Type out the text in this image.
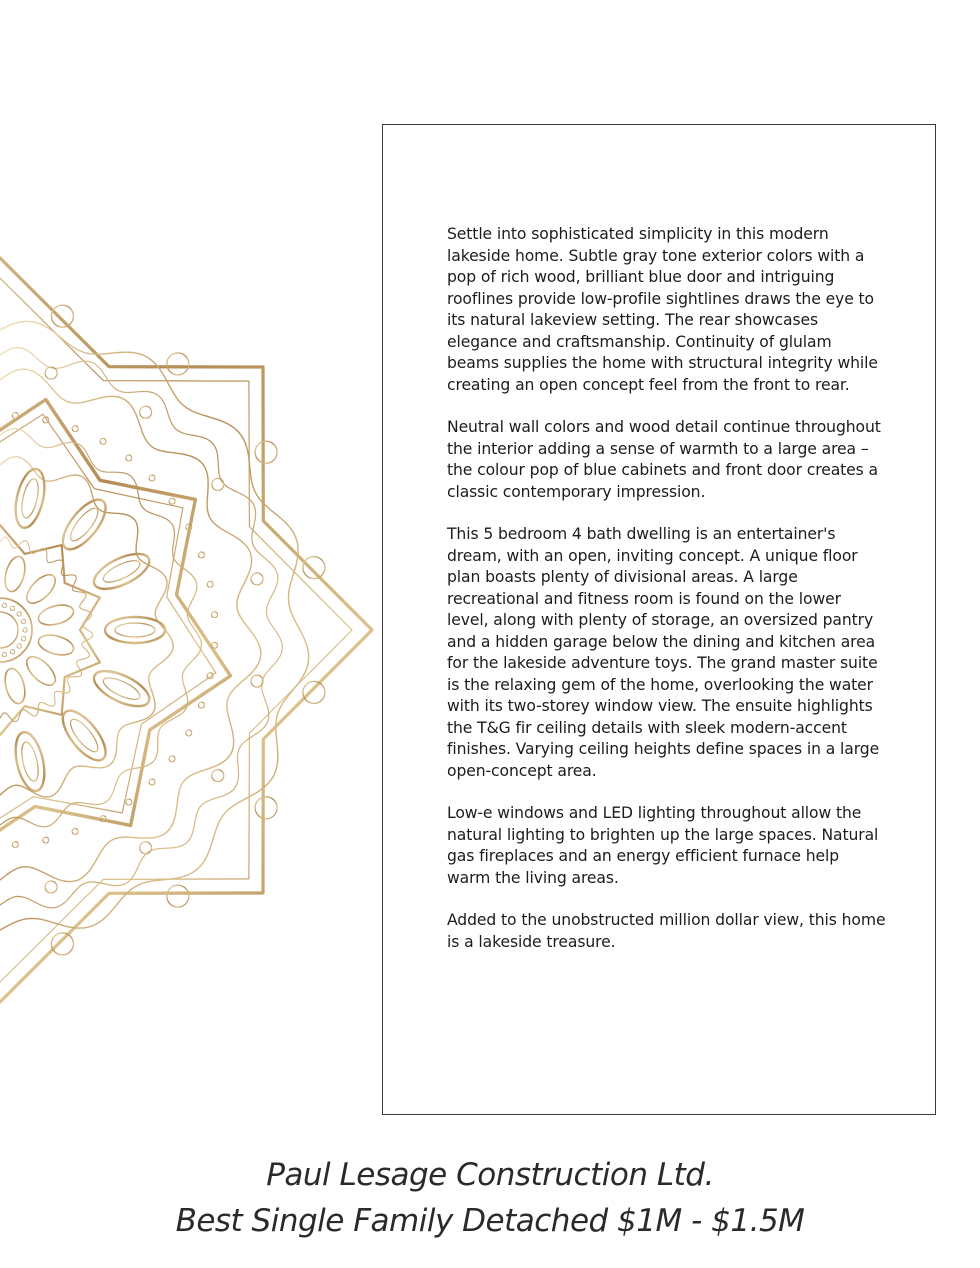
Settle into sophisticated simplicity in this modern lakeside home. Subtle gray tone exterior colors with a pop of rich wood, brilliant blue door and intriguing rooflines provide low-profile sightlines draws the eye to its natural lakeview setting. The rear showcases elegance and craftsmanship. Continuity of glulam beams supplies the home with structural integrity while creating an open concept feel from the front to rear.

Neutral wall colors and wood detail continue throughout the interior adding a sense of warmth to a large area – the colour pop of blue cabinets and front door creates a classic contemporary impression.

This 5 bedroom 4 bath dwelling is an entertainer's dream, with an open, inviting concept. A unique floor plan boasts plenty of divisional areas. A large recreational and fitness room is found on the lower level, along with plenty of storage, an oversized pantry and a hidden garage below the dining and kitchen area for the lakeside adventure toys. The grand master suite is the relaxing gem of the home, overlooking the water with its two-storey window view. The ensuite highlights the T&G fir ceiling details with sleek modern-accent finishes. Varying ceiling heights define spaces in a large open-concept area.

Low-e windows and LED lighting throughout allow the natural lighting to brighten up the large spaces. Natural gas fireplaces and an energy efficient furnace help warm the living areas.

Added to the unobstructed million dollar view, this home is a lakeside treasure.

Paul Lesage Construction Ltd.
Best Single Family Detached $1M - $1.5M
